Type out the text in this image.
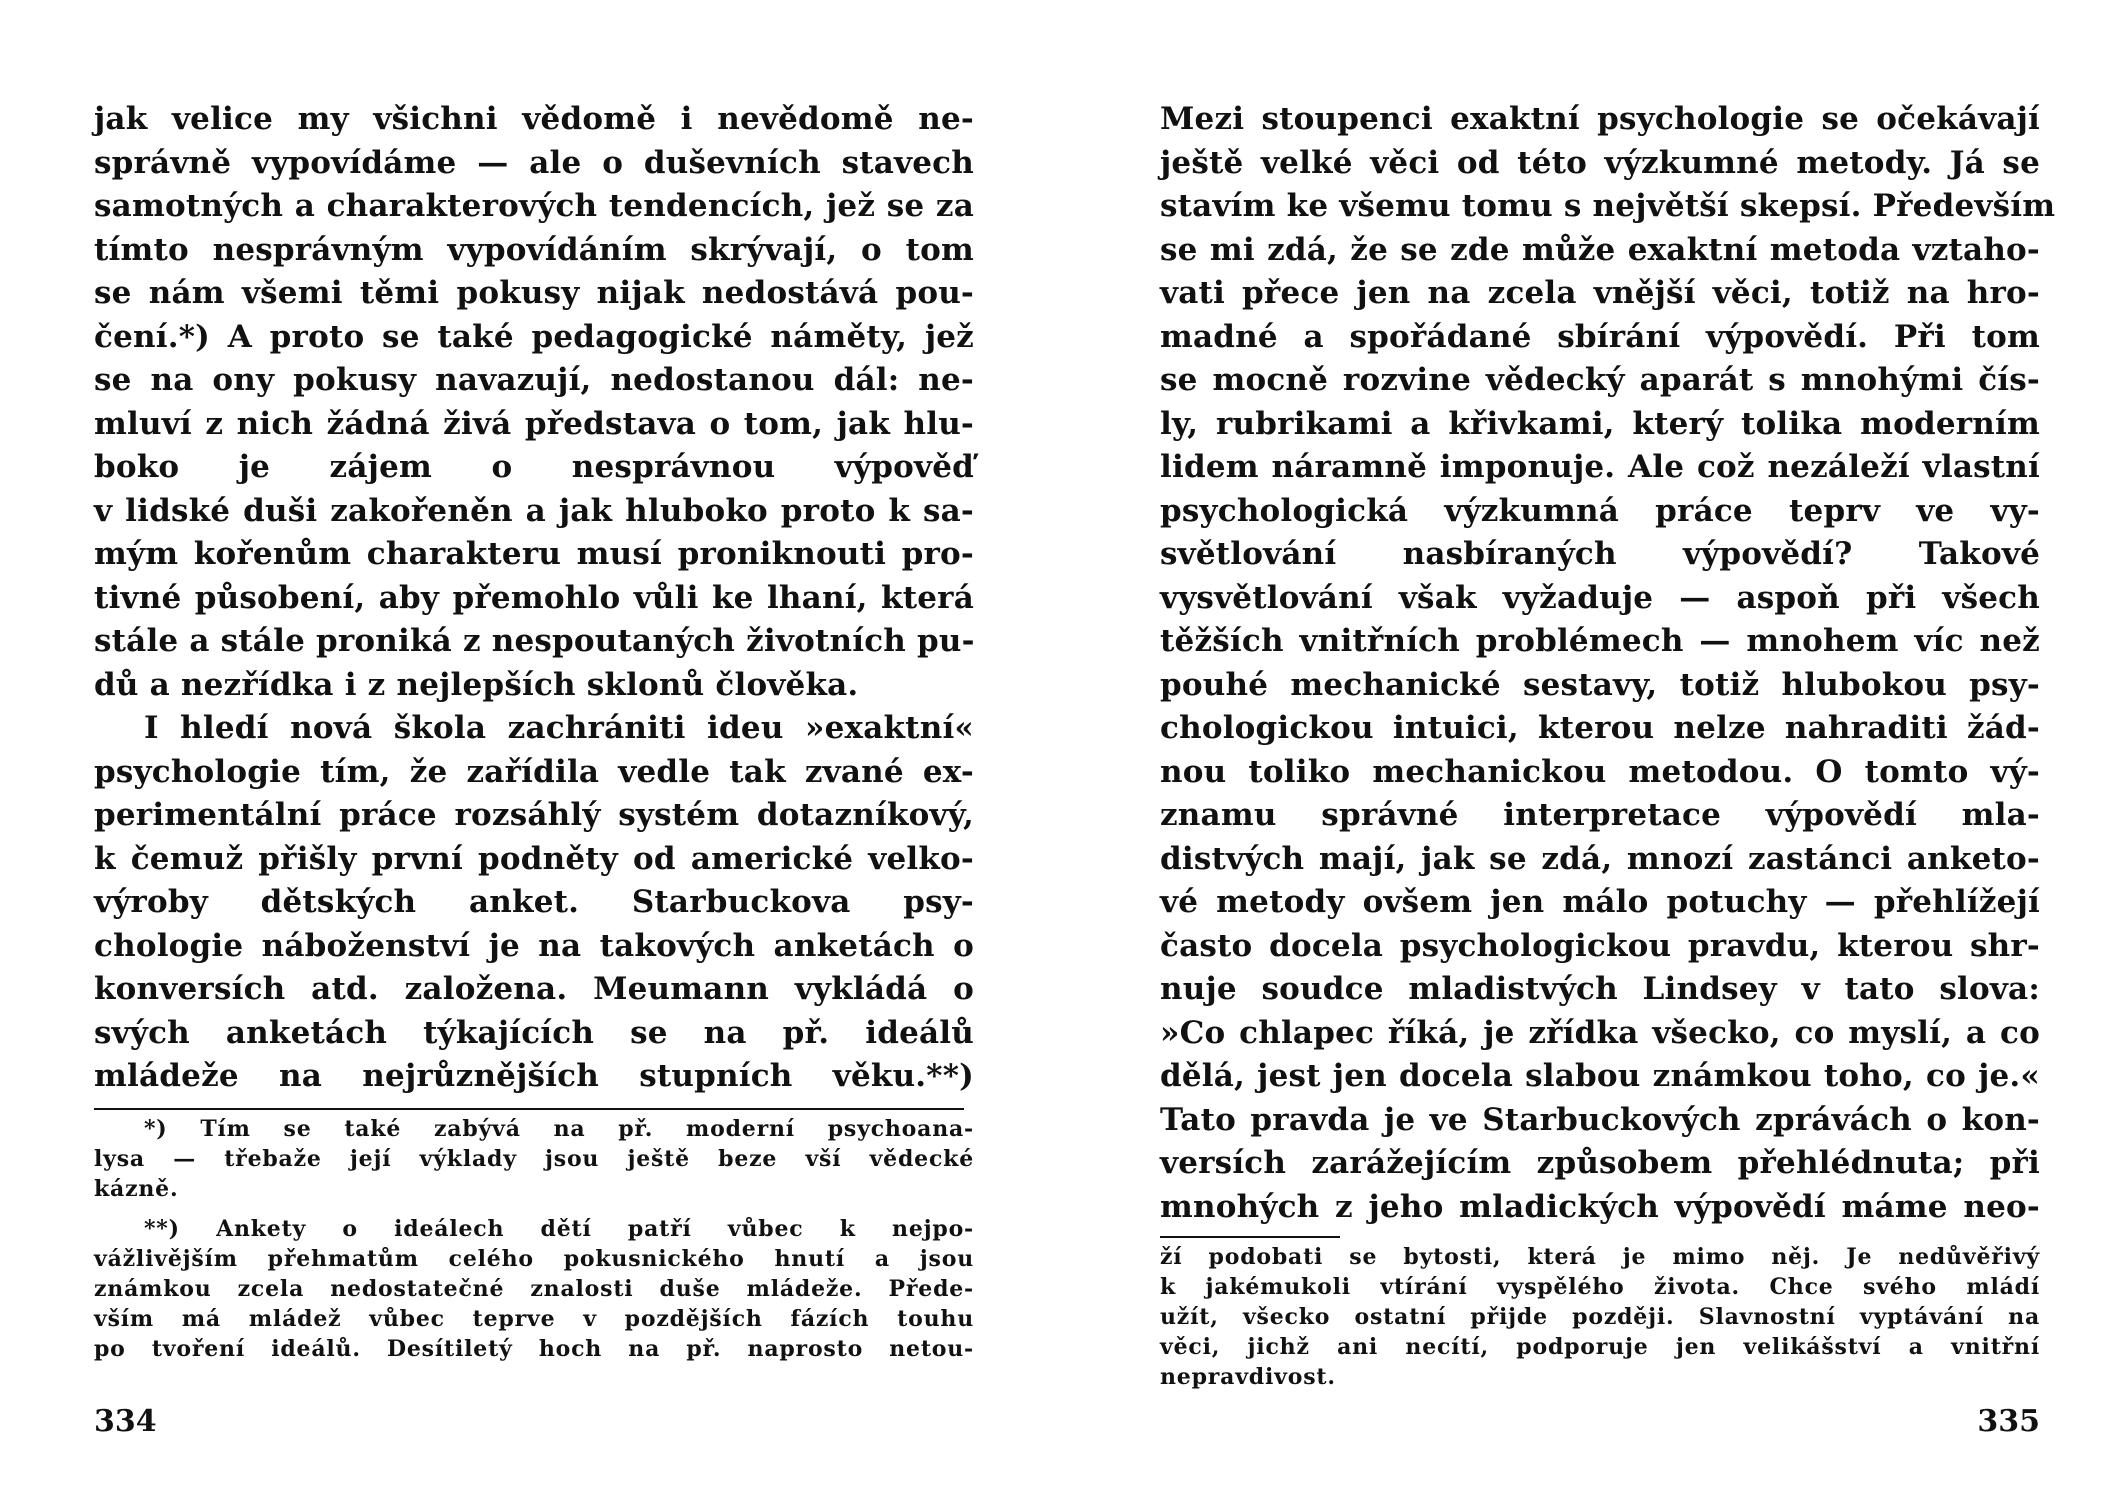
jak velice my všichni vědomě i nevědomě ne-
správně vypovídáme — ale o duševních stavech
samotných a charakterových tendencích, jež se za
tímto nesprávným vypovídáním skrývají, o tom
se nám všemi těmi pokusy nijak nedostává pou-
čení.*) A proto se také pedagogické náměty, jež
se na ony pokusy navazují, nedostanou dál: ne-
mluví z nich žádná živá představa o tom, jak hlu-
boko je zájem o nesprávnou výpověď
v lidské duši zakořeněn a jak hluboko proto k sa-
mým kořenům charakteru musí proniknouti pro-
tivné působení, aby přemohlo vůli ke lhaní, která
stále a stále proniká z nespoutaných životních pu-
dů a nezřídka i z nejlepších sklonů člověka.
I hledí nová škola zachrániti ideu »exaktní«
psychologie tím, že zařídila vedle tak zvané ex-
perimentální práce rozsáhlý systém dotazníkový,
k čemuž přišly první podněty od americké velko-
výroby dětských anket. Starbuckova psy-
chologie náboženství je na takových anketách o
konversích atd. založena. Meumann vykládá o
svých anketách týkajících se na př. ideálů
mládeže na nejrůznějších stupních věku.**)
*) Tím se také zabývá na př. moderní psychoana-
lysa — třebaže její výklady jsou ještě beze vší vědecké
kázně.
**) Ankety o ideálech dětí patří vůbec k nejpo-
vážlivějším přehmatům celého pokusnického hnutí a jsou
známkou zcela nedostatečné znalosti duše mládeže. Přede-
vším má mládež vůbec teprve v pozdějších fázích touhu
po tvoření ideálů. Desítiletý hoch na př. naprosto netou-
334
Mezi stoupenci exaktní psychologie se očekávají
ještě velké věci od této výzkumné metody. Já se
stavím ke všemu tomu s největší skepsí. Především
se mi zdá, že se zde může exaktní metoda vztaho-
vati přece jen na zcela vnější věci, totiž na hro-
madné a spořádané sbírání výpovědí. Při tom
se mocně rozvine vědecký aparát s mnohými čís-
ly, rubrikami a křivkami, který tolika moderním
lidem náramně imponuje. Ale což nezáleží vlastní
psychologická výzkumná práce teprv ve vy-
světlování nasbíraných výpovědí? Takové
vysvětlování však vyžaduje — aspoň při všech
těžších vnitřních problémech — mnohem víc než
pouhé mechanické sestavy, totiž hlubokou psy-
chologickou intuici, kterou nelze nahraditi žád-
nou toliko mechanickou metodou. O tomto vý-
znamu správné interpretace výpovědí mla-
distvých mají, jak se zdá, mnozí zastánci anketo-
vé metody ovšem jen málo potuchy — přehlížejí
často docela psychologickou pravdu, kterou shr-
nuje soudce mladistvých Lindsey v tato slova:
»Co chlapec říká, je zřídka všecko, co myslí, a co
dělá, jest jen docela slabou známkou toho, co je.«
Tato pravda je ve Starbuckových zprávách o kon-
versích zarážejícím způsobem přehlédnuta; při
mnohých z jeho mladických výpovědí máme neo-
ží podobati se bytosti, která je mimo něj. Je nedůvěřivý
k jakémukoli vtírání vyspělého života. Chce svého mládí
užít, všecko ostatní přijde později. Slavnostní vyptávání na
věci, jichž ani necítí, podporuje jen velikášství a vnitřní
nepravdivost.
335
